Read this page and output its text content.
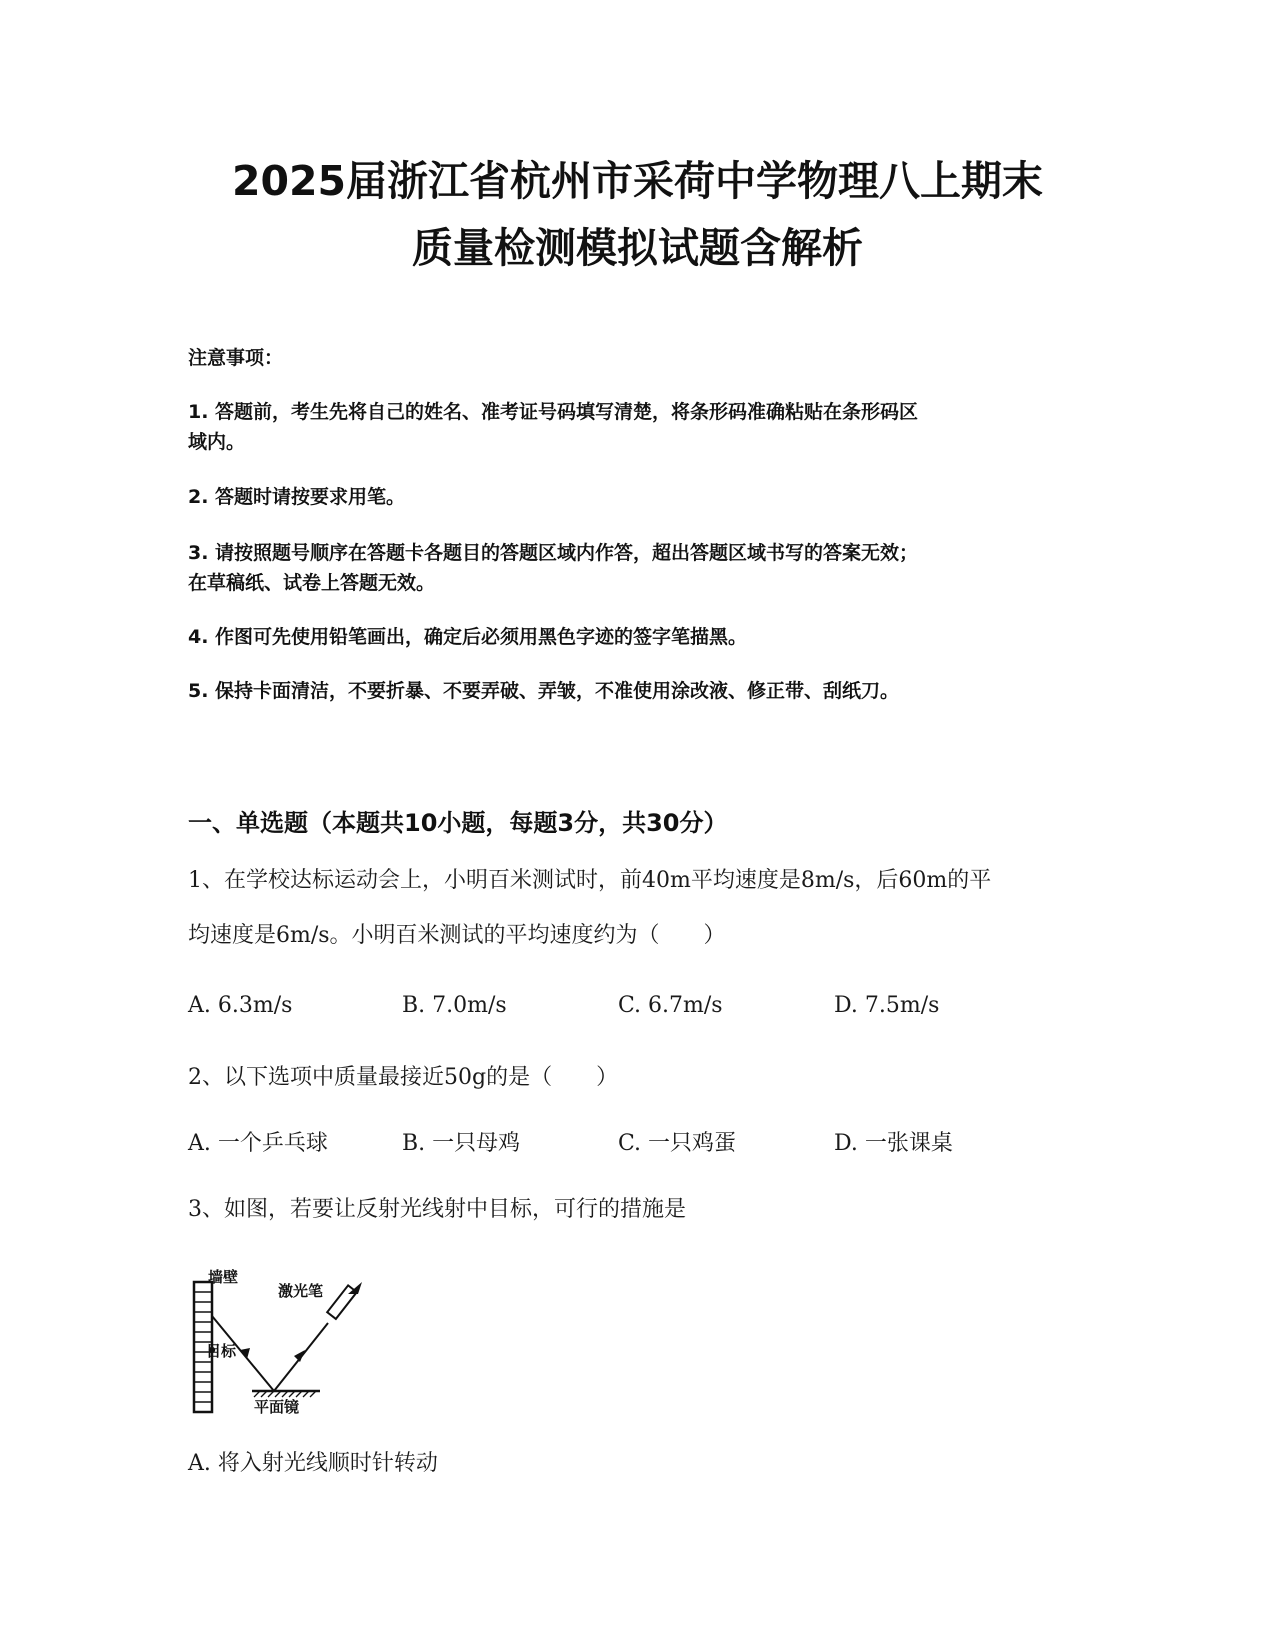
2025届浙江省杭州市采荷中学物理八上期末
质量检测模拟试题含解析
注意事项：
1. 答题前，考生先将自己的姓名、准考证号码填写清楚，将条形码准确粘贴在条形码区
域内。
2. 答题时请按要求用笔。
3. 请按照题号顺序在答题卡各题目的答题区域内作答，超出答题区域书写的答案无效；
在草稿纸、试卷上答题无效。
4. 作图可先使用铅笔画出，确定后必须用黑色字迹的签字笔描黑。
5. 保持卡面清洁，不要折暴、不要弄破、弄皱，不准使用涂改液、修正带、刮纸刀。
一、单选题（本题共10小题，每题3分，共30分）
1、在学校达标运动会上，小明百米测试时，前40m平均速度是8m/s，后60m的平
均速度是6m/s。小明百米测试的平均速度约为（　　）
A. 6.3m/s	B. 7.0m/s	C. 6.7m/s	D. 7.5m/s
2、以下选项中质量最接近50g的是（　　）
A. 一个乒乓球	B. 一只母鸡	C. 一只鸡蛋	D. 一张课桌
3、如图，若要让反射光线射中目标，可行的措施是
墙壁
激光笔
目标
平面镜
A. 将入射光线顺时针转动
